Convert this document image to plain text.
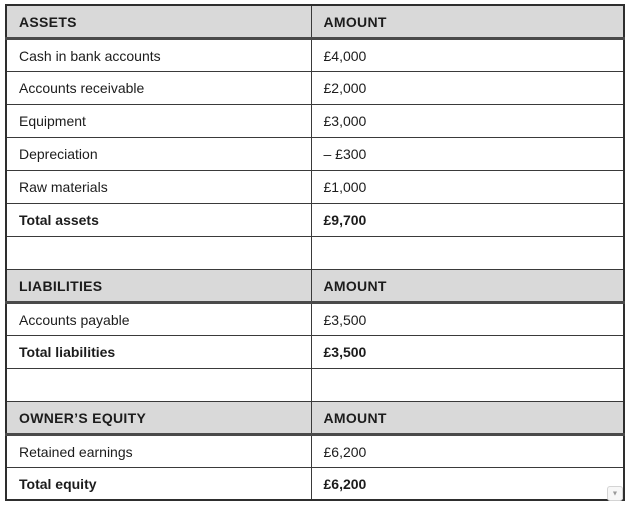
ASSETS	AMOUNT
Cash in bank accounts	£4,000
Accounts receivable	£2,000
Equipment	£3,000
Depreciation	– £300
Raw materials	£1,000
Total assets	£9,700

LIABILITIES	AMOUNT
Accounts payable	£3,500
Total liabilities	£3,500

OWNER’S EQUITY	AMOUNT
Retained earnings	£6,200
Total equity	£6,200
▼
